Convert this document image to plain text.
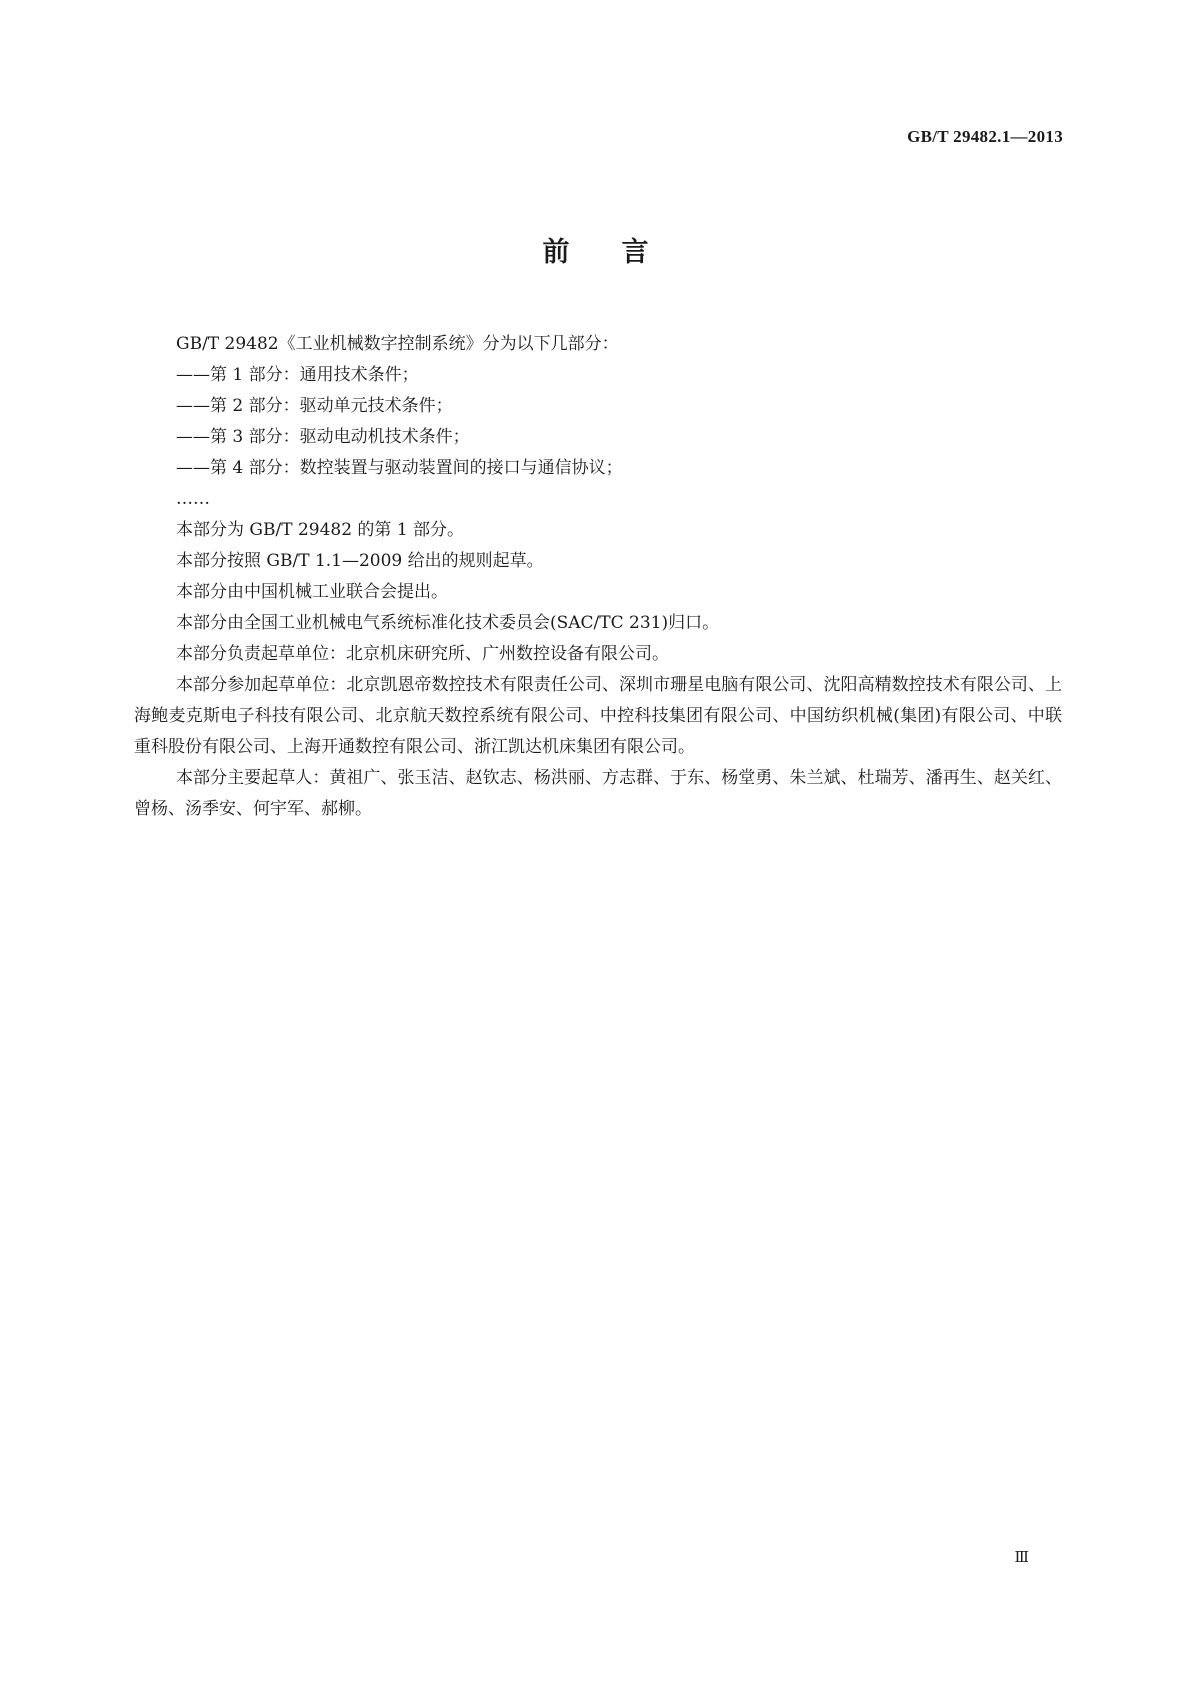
GB/T 29482.1—2013
前言

GB/T 29482《工业机械数字控制系统》分为以下几部分：

——第 1 部分：通用技术条件；

——第 2 部分：驱动单元技术条件；

——第 3 部分：驱动电动机技术条件；

——第 4 部分：数控装置与驱动装置间的接口与通信协议；

……

本部分为 GB/T 29482 的第 1 部分。

本部分按照 GB/T 1.1—2009 给出的规则起草。

本部分由中国机械工业联合会提出。

本部分由全国工业机械电气系统标准化技术委员会(SAC/TC 231)归口。

本部分负责起草单位：北京机床研究所、广州数控设备有限公司。

本部分参加起草单位：北京凯恩帝数控技术有限责任公司、深圳市珊星电脑有限公司、沈阳高精数控技术有限公司、上海鲍麦克斯电子科技有限公司、北京航天数控系统有限公司、中控科技集团有限公司、中国纺织机械(集团)有限公司、中联重科股份有限公司、上海开通数控有限公司、浙江凯达机床集团有限公司。

本部分主要起草人：黄祖广、张玉洁、赵钦志、杨洪丽、方志群、于东、杨堂勇、朱兰斌、杜瑞芳、潘再生、赵关红、曾杨、汤季安、何宇军、郝柳。

Ⅲ
